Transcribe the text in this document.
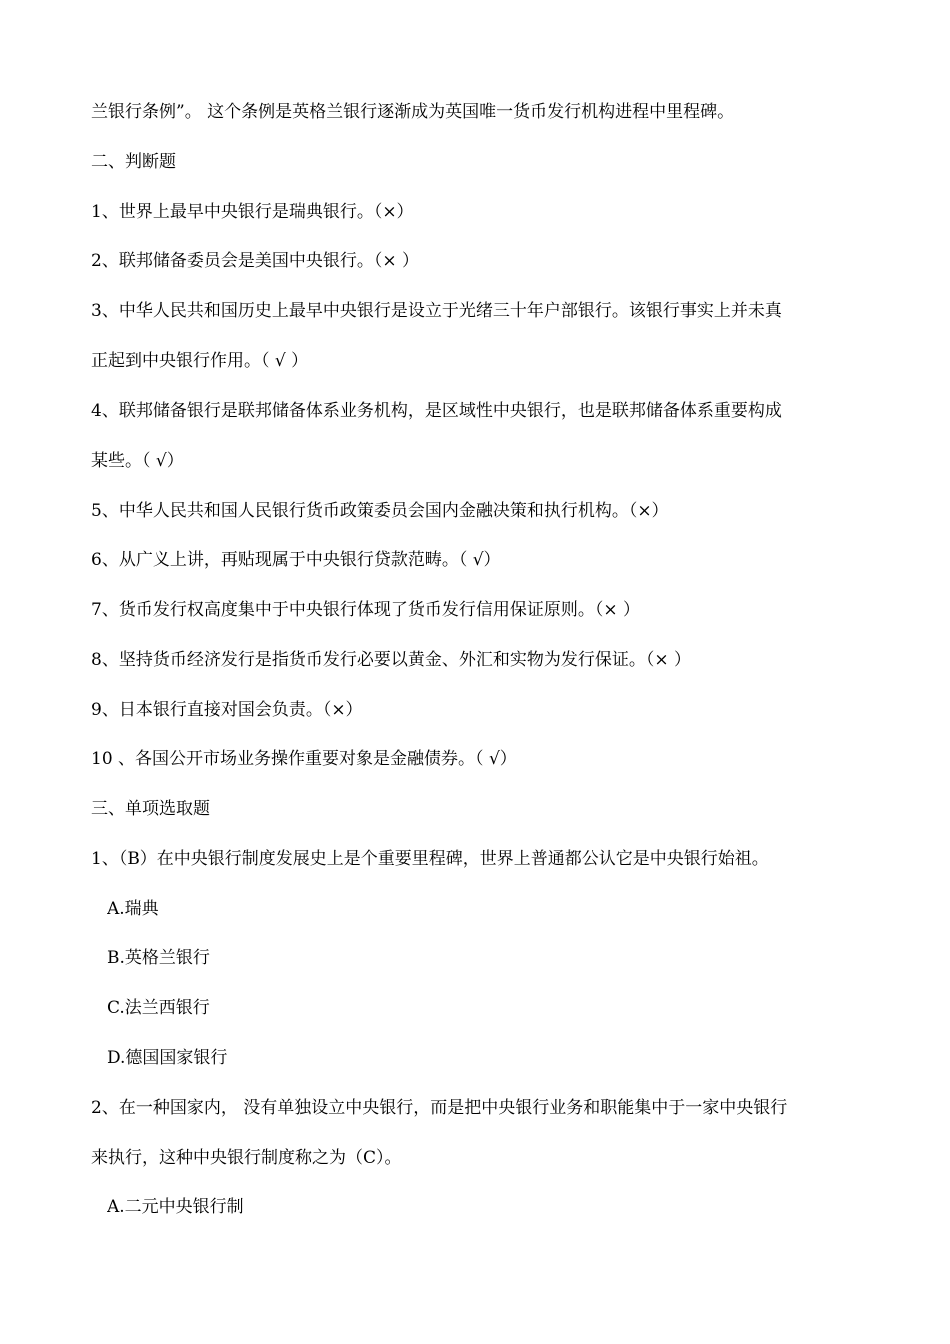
兰银行条例”。 这个条例是英格兰银行逐渐成为英国唯一货币发行机构进程中里程碑。
二、判断题
1、世界上最早中央银行是瑞典银行。（×）
2、联邦储备委员会是美国中央银行。（× ）
3、中华人民共和国历史上最早中央银行是设立于光绪三十年户部银行。该银行事实上并未真
正起到中央银行作用。（ √ ）
4、联邦储备银行是联邦储备体系业务机构，是区域性中央银行，也是联邦储备体系重要构成
某些。（ √）
5、中华人民共和国人民银行货币政策委员会国内金融决策和执行机构。（×）
6、从广义上讲，再贴现属于中央银行贷款范畴。（ √）
7、货币发行权高度集中于中央银行体现了货币发行信用保证原则。（× ）
8、坚持货币经济发行是指货币发行必要以黄金、外汇和实物为发行保证。（× ）
9、日本银行直接对国会负责。（×）
10 、各国公开市场业务操作重要对象是金融债券。（ √）
三、单项选取题
1、（B）在中央银行制度发展史上是个重要里程碑，世界上普通都公认它是中央银行始祖。
A.瑞典
B.英格兰银行
C.法兰西银行
D.德国国家银行
2、在一种国家内， 没有单独设立中央银行，而是把中央银行业务和职能集中于一家中央银行
来执行，这种中央银行制度称之为（C）。
A.二元中央银行制
